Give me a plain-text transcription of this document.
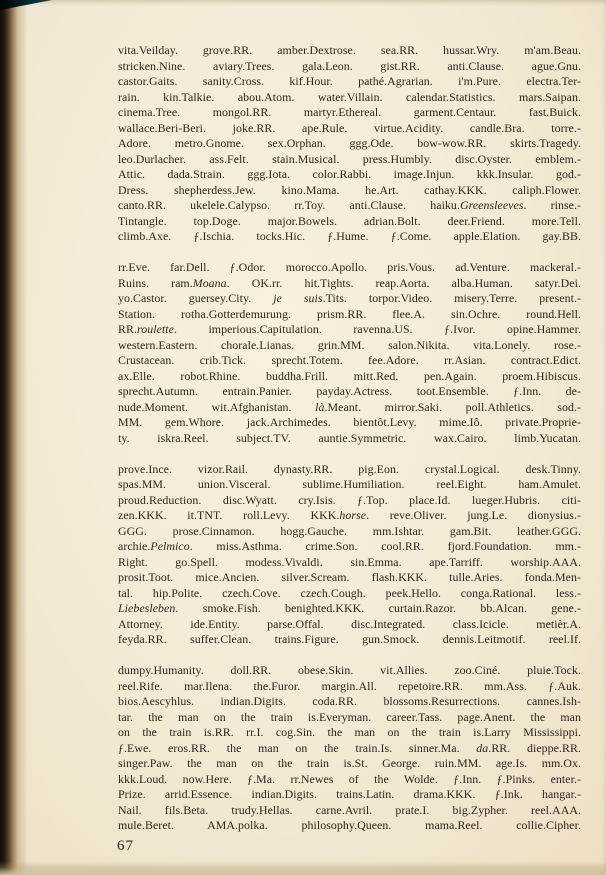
vita.Veilday. grove.RR. amber.Dextrose. sea.RR. hussar.Wry. m'am.Beau.
stricken.Nine. aviary.Trees. gala.Leon. gist.RR. anti.Clause. ague.Gnu.
castor.Gaits. sanity.Cross. kif.Hour. pathé.Agrarian. i'm.Pure. electra.Ter-
rain. kin.Talkie. abou.Atom. water.Villain. calendar.Statistics. mars.Saipan.
cinema.Tree. mongol.RR. martyr.Ethereal. garment.Centaur. fast.Buick.
wallace.Beri-Beri. joke.RR. ape.Rule. virtue.Acidity. candle.Bra. torre.-
Adore. metro.Gnome. sex.Orphan. ggg.Ode. bow-wow.RR. skirts.Tragedy.
leo.Durlacher. ass.Felt. stain.Musical. press.Humbly. disc.Oyster. emblem.-
Attic. dada.Strain. ggg.Iota. color.Rabbi. image.Injun. kkk.Insular. god.-
Dress. shepherdess.Jew. kino.Mama. he.Art. cathay.KKK. caliph.Flower.
canto.RR. ukelele.Calypso. rr.Toy. anti.Clause. haiku.Greensleeves. rinse.-
Tintangle. top.Doge. major.Bowels. adrian.Bolt. deer.Friend. more.Tell.
climb.Axe. ƒ.Ischia. tocks.Hic. ƒ.Hume. ƒ.Come. apple.Elation. gay.BB.
rr.Eve. far.Dell. ƒ.Odor. morocco.Apollo. pris.Vous. ad.Venture. mackeral.-
Ruins. ram.Moana. OK.rr. hit.Tights. reap.Aorta. alba.Human. satyr.Dei.
yo.Castor. guersey.City. je suis.Tits. torpor.Video. misery.Terre. present.-
Station. rotha.Gotterdemurung. prism.RR. flee.A. sin.Ochre. round.Hell.
RR.roulette. imperious.Capitulation. ravenna.US. ƒ.Ivor. opine.Hammer.
western.Eastern. chorale.Lianas. grin.MM. salon.Nikita. vita.Lonely. rose.-
Crustacean. crib.Tick. sprecht.Totem. fee.Adore. rr.Asian. contract.Edict.
ax.Elle. robot.Rhine. buddha.Frill. mitt.Red. pen.Again. proem.Hibiscus.
sprecht.Autumn. entrain.Panier. payday.Actress. toot.Ensemble. ƒ.Inn. de-
nude.Moment. wit.Afghanistan. là.Meant. mirror.Saki. poll.Athletics. sod.-
MM. gem.Whore. jack.Archimedes. bientôt.Levy. mime.Iô. private.Proprie-
ty. iskra.Reel. subject.TV. auntie.Symmetric. wax.Cairo. limb.Yucatan.
prove.Ince. vizor.Rail. dynasty.RR. pig.Eon. crystal.Logical. desk.Tinny.
spas.MM. union.Visceral. sublime.Humiliation. reel.Eight. ham.Amulet.
proud.Reduction. disc.Wyatt. cry.Isis. ƒ.Top. place.Id. lueger.Hubris. citi-
zen.KKK. it.TNT. roll.Levy. KKK.horse. reve.Oliver. jung.Le. dionysius.-
GGG. prose.Cinnamon. hogg.Gauche. mm.Ishtar. gam.Bit. leather.GGG.
archie.Pelmico. miss.Asthma. crime.Son. cool.RR. fjord.Foundation. mm.-
Right. go.Spell. modess.Vivaldi. sin.Emma. ape.Tarriff. worship.AAA.
prosit.Toot. mice.Ancien. silver.Scream. flash.KKK. tulle.Aries. fonda.Men-
tal. hip.Polite. czech.Cove. czech.Cough. peek.Hello. conga.Rational. less.-
Liebesleben. smoke.Fish. benighted.KKK. curtain.Razor. bb.Alcan. gene.-
Attorney. ide.Entity. parse.Offal. disc.Integrated. class.Icicle. metièr.A.
feyda.RR. suffer.Clean. trains.Figure. gun.Smock. dennis.Leitmotif. reel.If.
dumpy.Humanity. doll.RR. obese.Skin. vit.Allies. zoo.Ciné. pluie.Tock.
reel.Rife. mar.Ilena. the.Furor. margin.All. repetoire.RR. mm.Ass. ƒ.Auk.
bios.Aescyhlus. indian.Digits. coda.RR. blossoms.Resurrections. cannes.Ish-
tar. the man on the train is.Everyman. career.Tass. page.Anent. the man
on the train is.RR. rr.I. cog.Sin. the man on the train is.Larry Mississippi.
ƒ.Ewe. eros.RR. the man on the train.Is. sinner.Ma. da.RR. dieppe.RR.
singer.Paw. the man on the train is.St. George. ruin.MM. age.Is. mm.Ox.
kkk.Loud. now.Here. ƒ.Ma. rr.Newes of the Wolde. ƒ.Inn. ƒ.Pinks. enter.-
Prize. arrid.Essence. indian.Digits. trains.Latin. drama.KKK. ƒ.Ink. hangar.-
Nail. fils.Beta. trudy.Hellas. carne.Avril. prate.I. big.Zypher. reel.AAA.
mule.Beret. AMA.polka. philosophy.Queen. mama.Reel. collie.Cipher.
67
